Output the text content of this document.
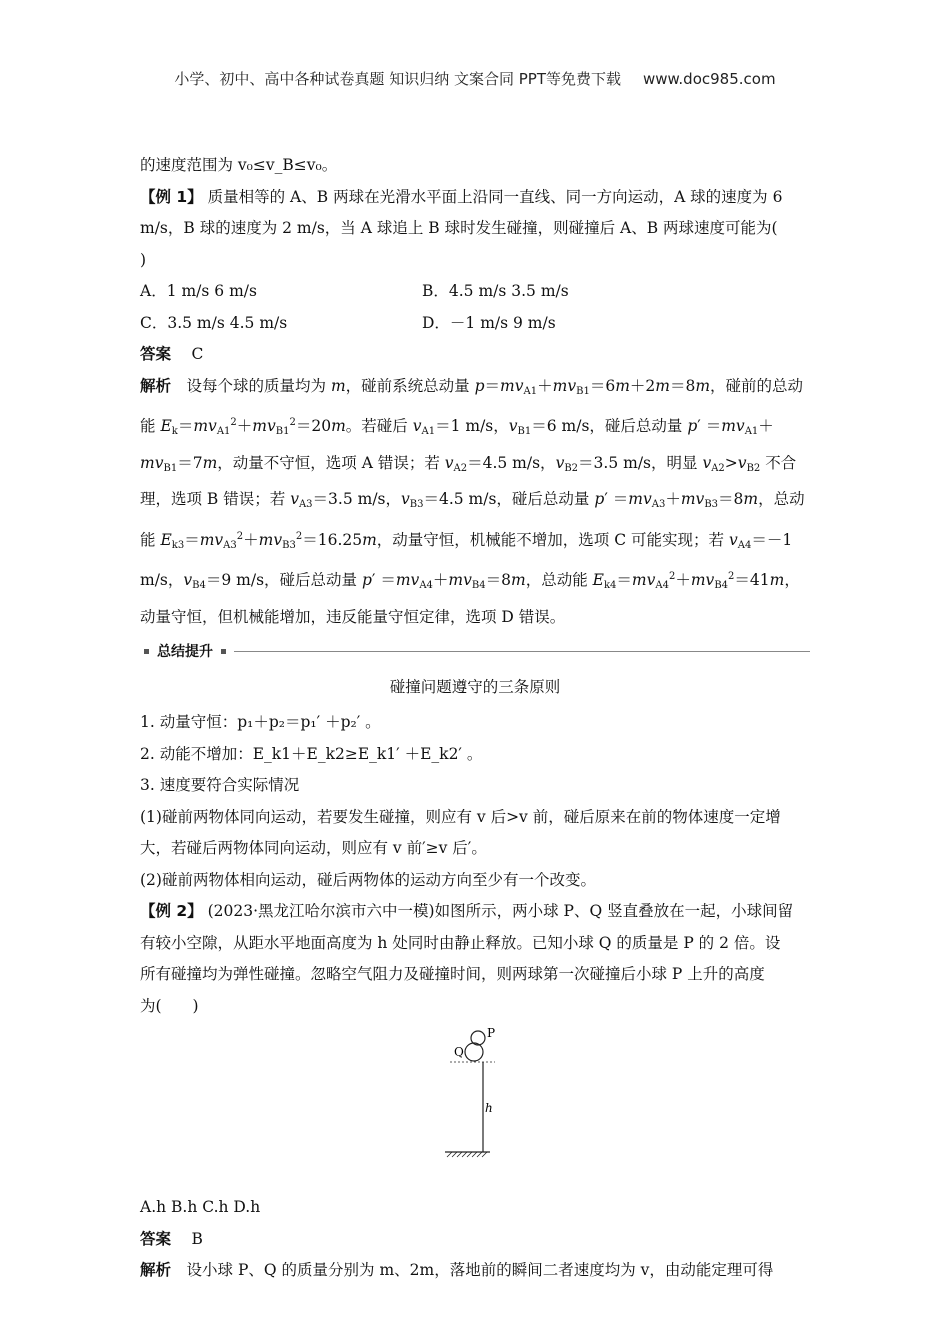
小学、初中、高中各种试卷真题 知识归纳 文案合同 PPT等免费下载 www.doc985.com
的速度范围为 v₀≤v_B≤v₀。
【例 1】 质量相等的 A、B 两球在光滑水平面上沿同一直线、同一方向运动，A 球的速度为 6
m/s，B 球的速度为 2 m/s，当 A 球追上 B 球时发生碰撞，则碰撞后 A、B 两球速度可能为(
)
A．1 m/s 6 m/s	B．4.5 m/s 3.5 m/s
C．3.5 m/s 4.5 m/s	D．－1 m/s 9 m/s
答案　 C
解析　设每个球的质量均为 m，碰前系统总动量 $p=mv_{A1}+mv_{B1}=6m+2m=8m$，碰前的总动能 $E_k=mv_{A1}^2+mv_{B1}^2=20m$。若碰后 $v_{A1}=1$ m/s，$v_{B1}=6$ m/s，碰后总动量 $p' =mv_{A1}+mv_{B1}=7m$，动量不守恒，选项 A 错误；若 $v_{A2}=4.5$ m/s，$v_{B2}=3.5$ m/s，明显 $v_{A2}>v_{B2}$ 不合理，选项 B 错误；若 $v_{A3}=3.5$ m/s，$v_{B3}=4.5$ m/s，碰后总动量 $p' =mv_{A3}+mv_{B3}=8m$，总动能 $E_{k3}=mv_{A3}^2+mv_{B3}^2=16.25m$，动量守恒，机械能不增加，选项 C 可能实现；若 $v_{A4}=-1$ m/s，$v_{B4}=9$ m/s，碰后总动量 $p' =mv_{A4}+mv_{B4}=8m$，总动能 $E_{k4}=mv_{A4}^2+mv_{B4}^2=41m$，动量守恒，但机械能增加，违反能量守恒定律，选项 D 错误。
总结提升
碰撞问题遵守的三条原则
1. 动量守恒：p₁＋p₂＝p₁′ ＋p₂′ 。
2. 动能不增加：E_k1＋E_k2≥E_k1′ ＋E_k2′ 。
3. 速度要符合实际情况
(1)碰前两物体同向运动，若要发生碰撞，则应有 v 后>v 前，碰后原来在前的物体速度一定增
大，若碰后两物体同向运动，则应有 v 前′≥v 后′。
(2)碰前两物体相向运动，碰后两物体的运动方向至少有一个改变。
【例 2】 (2023·黑龙江哈尔滨市六中一模)如图所示，两小球 P、Q 竖直叠放在一起，小球间留
有较小空隙，从距水平地面高度为 h 处同时由静止释放。已知小球 Q 的质量是 P 的 2 倍。设
所有碰撞均为弹性碰撞。忽略空气阻力及碰撞时间，则两球第一次碰撞后小球 P 上升的高度
为(　　)
P
Q
h
A.h B.h C.h D.h
答案　 B
解析　 设小球 P、Q 的质量分别为 m、2m，落地前的瞬间二者速度均为 v，由动能定理可得
